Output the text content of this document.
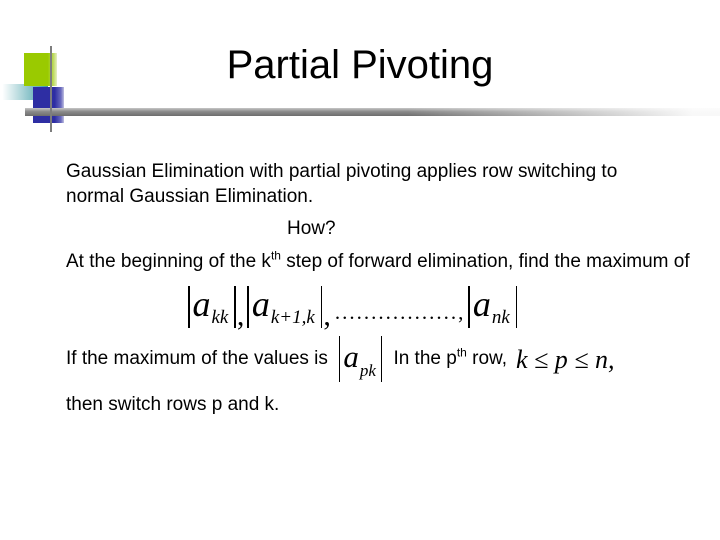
Partial Pivoting
Gaussian Elimination with partial pivoting applies row switching to
normal Gaussian Elimination.
How?
At the beginning of the $k^{th}$ step of forward elimination, find the maximum of
a kk , a k+1,k , ................., a nk
If the maximum of the values is a pk
In the $p^{th}$ row, k ≤ p ≤ n,
then switch rows p and k.
